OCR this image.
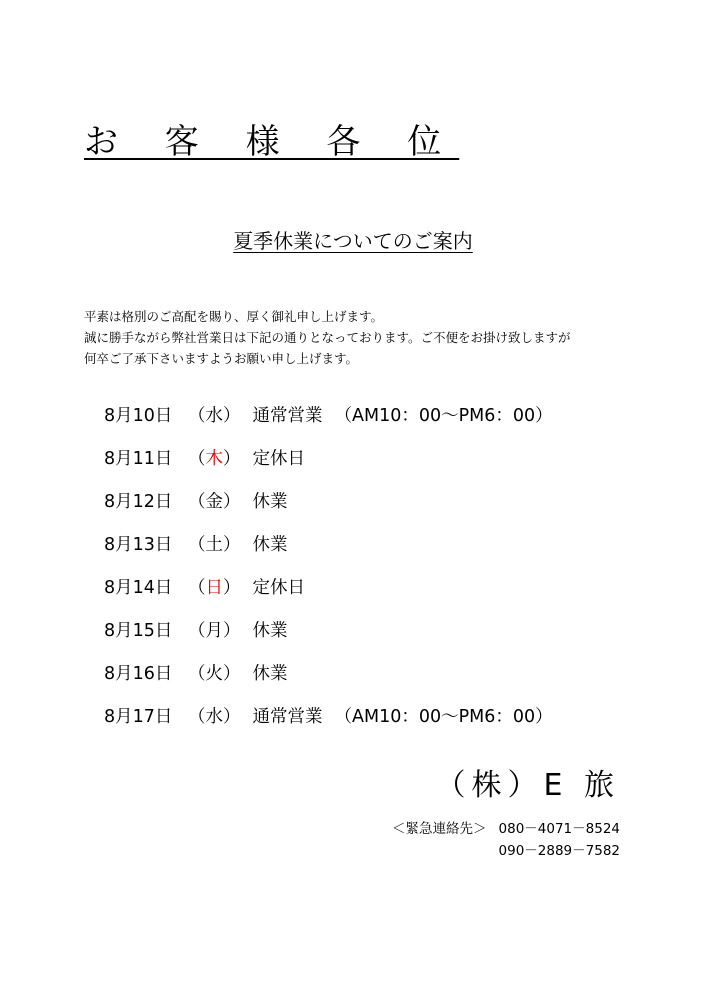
お 客 様 各 位
夏季休業についてのご案内

平素は格別のご高配を賜り、厚く御礼申し上げます。

誠に勝手ながら弊社営業日は下記の通りとなっております。ご不便をお掛け致しますが

何卒ご了承下さいますようお願い申し上げます。

8月10日 （水） 通常営業 （AM10：00～PM6：00）
8月11日 （木） 定休日
8月12日 （金） 休業
8月13日 （土） 休業
8月14日 （日） 定休日
8月15日 （月） 休業
8月16日 （火） 休業
8月17日 （水） 通常営業 （AM10：00～PM6：00）
（株）E 旅
＜緊急連絡先＞ 080－4071－8524
090－2889－7582
